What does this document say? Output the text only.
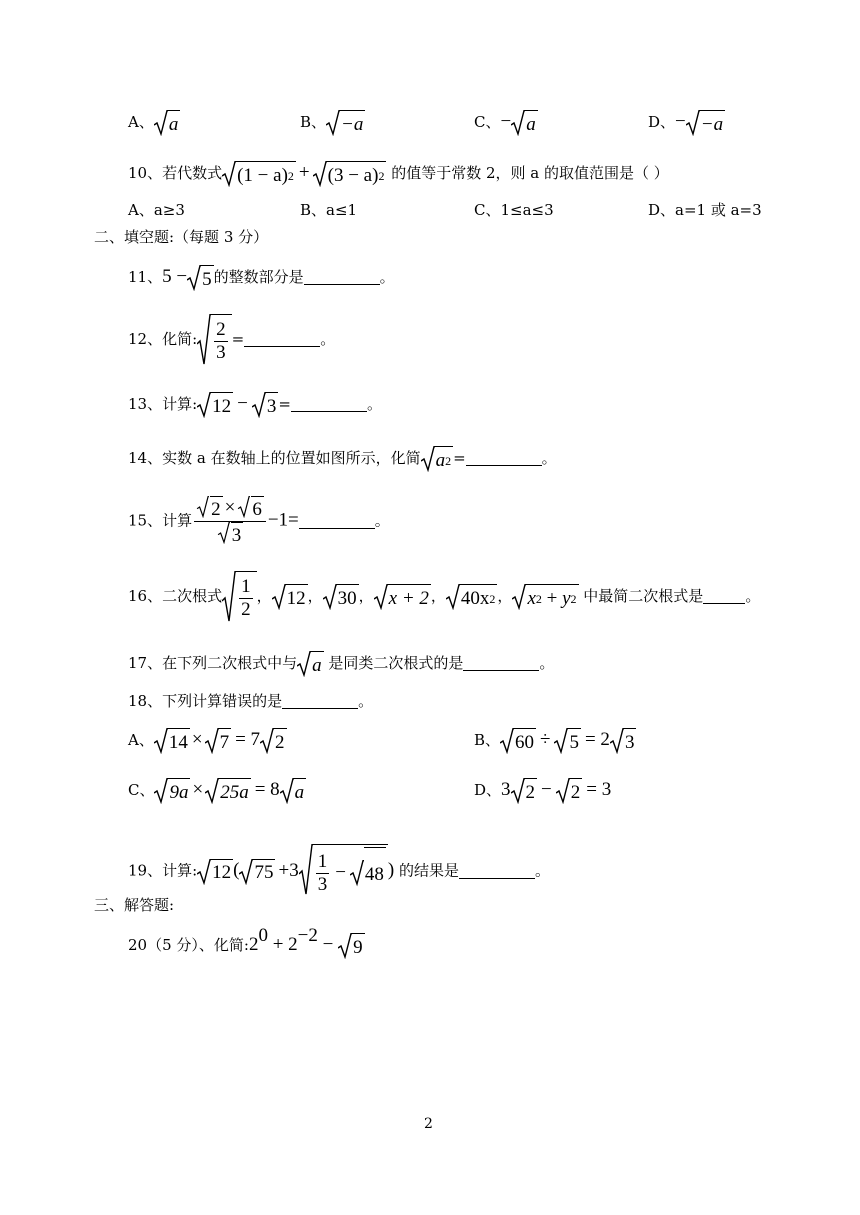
A、 a	B、 −a	C、− a	D、− −a
10、若代数式 (1 − a) 2 + (3 − a) 2 的值等于常数 2，则 a 的取值范围是（ ）
A、a≥3	B、a≤1	C、1≤a≤3	D、a=1 或 a=3
二、填空题:（每题 3 分）
11、5 − 5 的整数部分是	。
12、化简: $\frac{2}{3}$ =	。
13、计算: 12 − 3 =	。
14、实数 a 在数轴上的位置如图所示，化简 a 2 =	。
15、计算 $\frac{2 \times 6}{3} -1=$	。
16、二次根式 $\frac{1}{2}$ ， 12 ， 30 ， x + 2 ， 40x 2 ， x 2 + y 2 中最简二次根式是	。
17、在下列二次根式中与 a 是同类二次根式的是	。
18、下列计算错误的是	。
A、 14 × 7 = 7 2	B、 60 ÷ 5 = 2 3
C、 9a × 25a = 8 a	D、3 2 − 2 = 3
19、计算: 12 ( $75 +3 \frac{1}{3} - 48$ ) 的结果是	。
三、解答题:
20（5 分）、化简$:2^0 + 2^{-2} - 9$
2
